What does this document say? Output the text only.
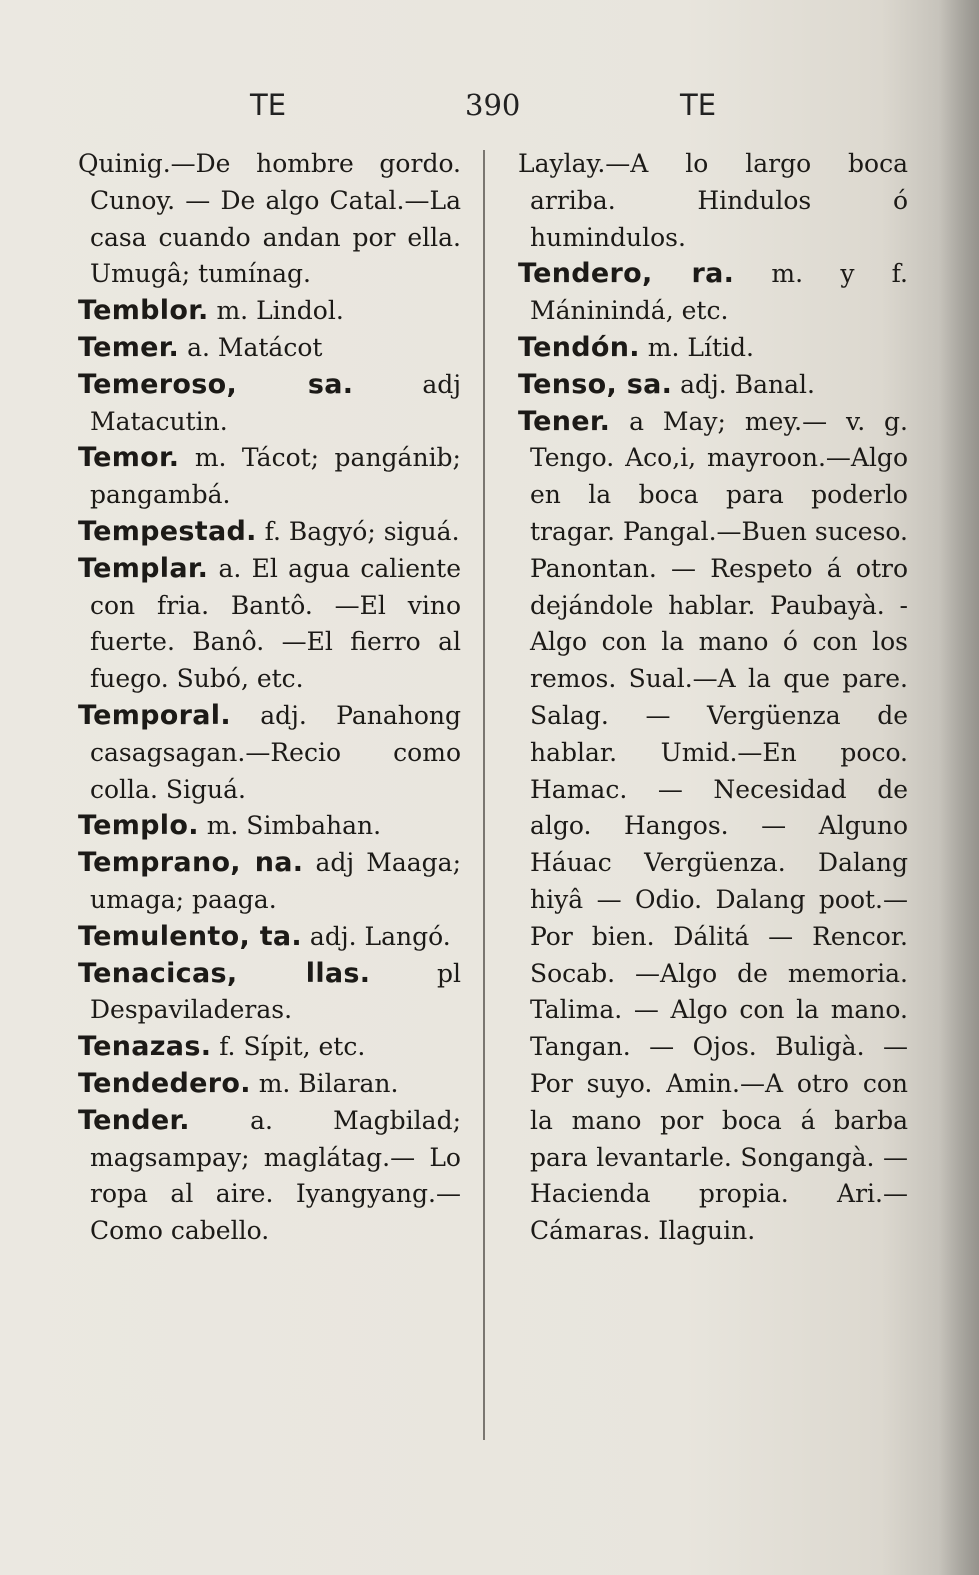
TE	390	TE
Quinig.—De hombre gordo. Cunoy. — De algo Catal.—La casa cuando andan por ella. Umugâ; tumínag.
Temblor. m. Lindol.
Temer. a. Matácot
Temeroso, sa. adj Matacutin.
Temor. m. Tácot; pangánib; pangambá.
Tempestad. f. Bagyó; siguá.
Templar. a. El agua caliente con fria. Bantô. —El vino fuerte. Banô. —El fierro al fuego. Subó, etc.
Temporal. adj. Panahong casagsagan.—Recio como colla. Siguá.
Templo. m. Simbahan.
Temprano, na. adj Maaga; umaga; paaga.
Temulento, ta. adj. Langó.
Tenacicas, llas. pl Despaviladeras.
Tenazas. f. Sípit, etc.
Tendedero. m. Bilaran.
Tender. a. Magbilad; magsampay; maglátag.— Lo ropa al aire. Iyangyang.—Como cabello.
Laylay.—A lo largo boca arriba. Hindulos ó humindulos.
Tendero, ra. m. y f. Máninindá, etc.
Tendón. m. Lítid.
Tenso, sa. adj. Banal.
Tener. a May; mey.— v. g. Tengo. Aco,i, mayroon.—Algo en la boca para poderlo tragar. Pangal.—Buen suceso. Panontan. — Respeto á otro dejándole hablar. Paubayà. - Algo con la mano ó con los remos. Sual.—A la que pare. Salag. — Vergüenza de hablar. Umid.—En poco. Hamac. — Necesidad de algo. Hangos. — Alguno Háuac Vergüenza. Dalang hiyâ — Odio. Dalang poot.—Por bien. Dálitá — Rencor. Socab. —Algo de memoria. Talima. — Algo con la mano. Tangan. — Ojos. Buligà. — Por suyo. Amin.—A otro con la mano por boca á barba para levantarle. Songangà. — Hacienda propia. Ari.—Cámaras. Ilaguin.
